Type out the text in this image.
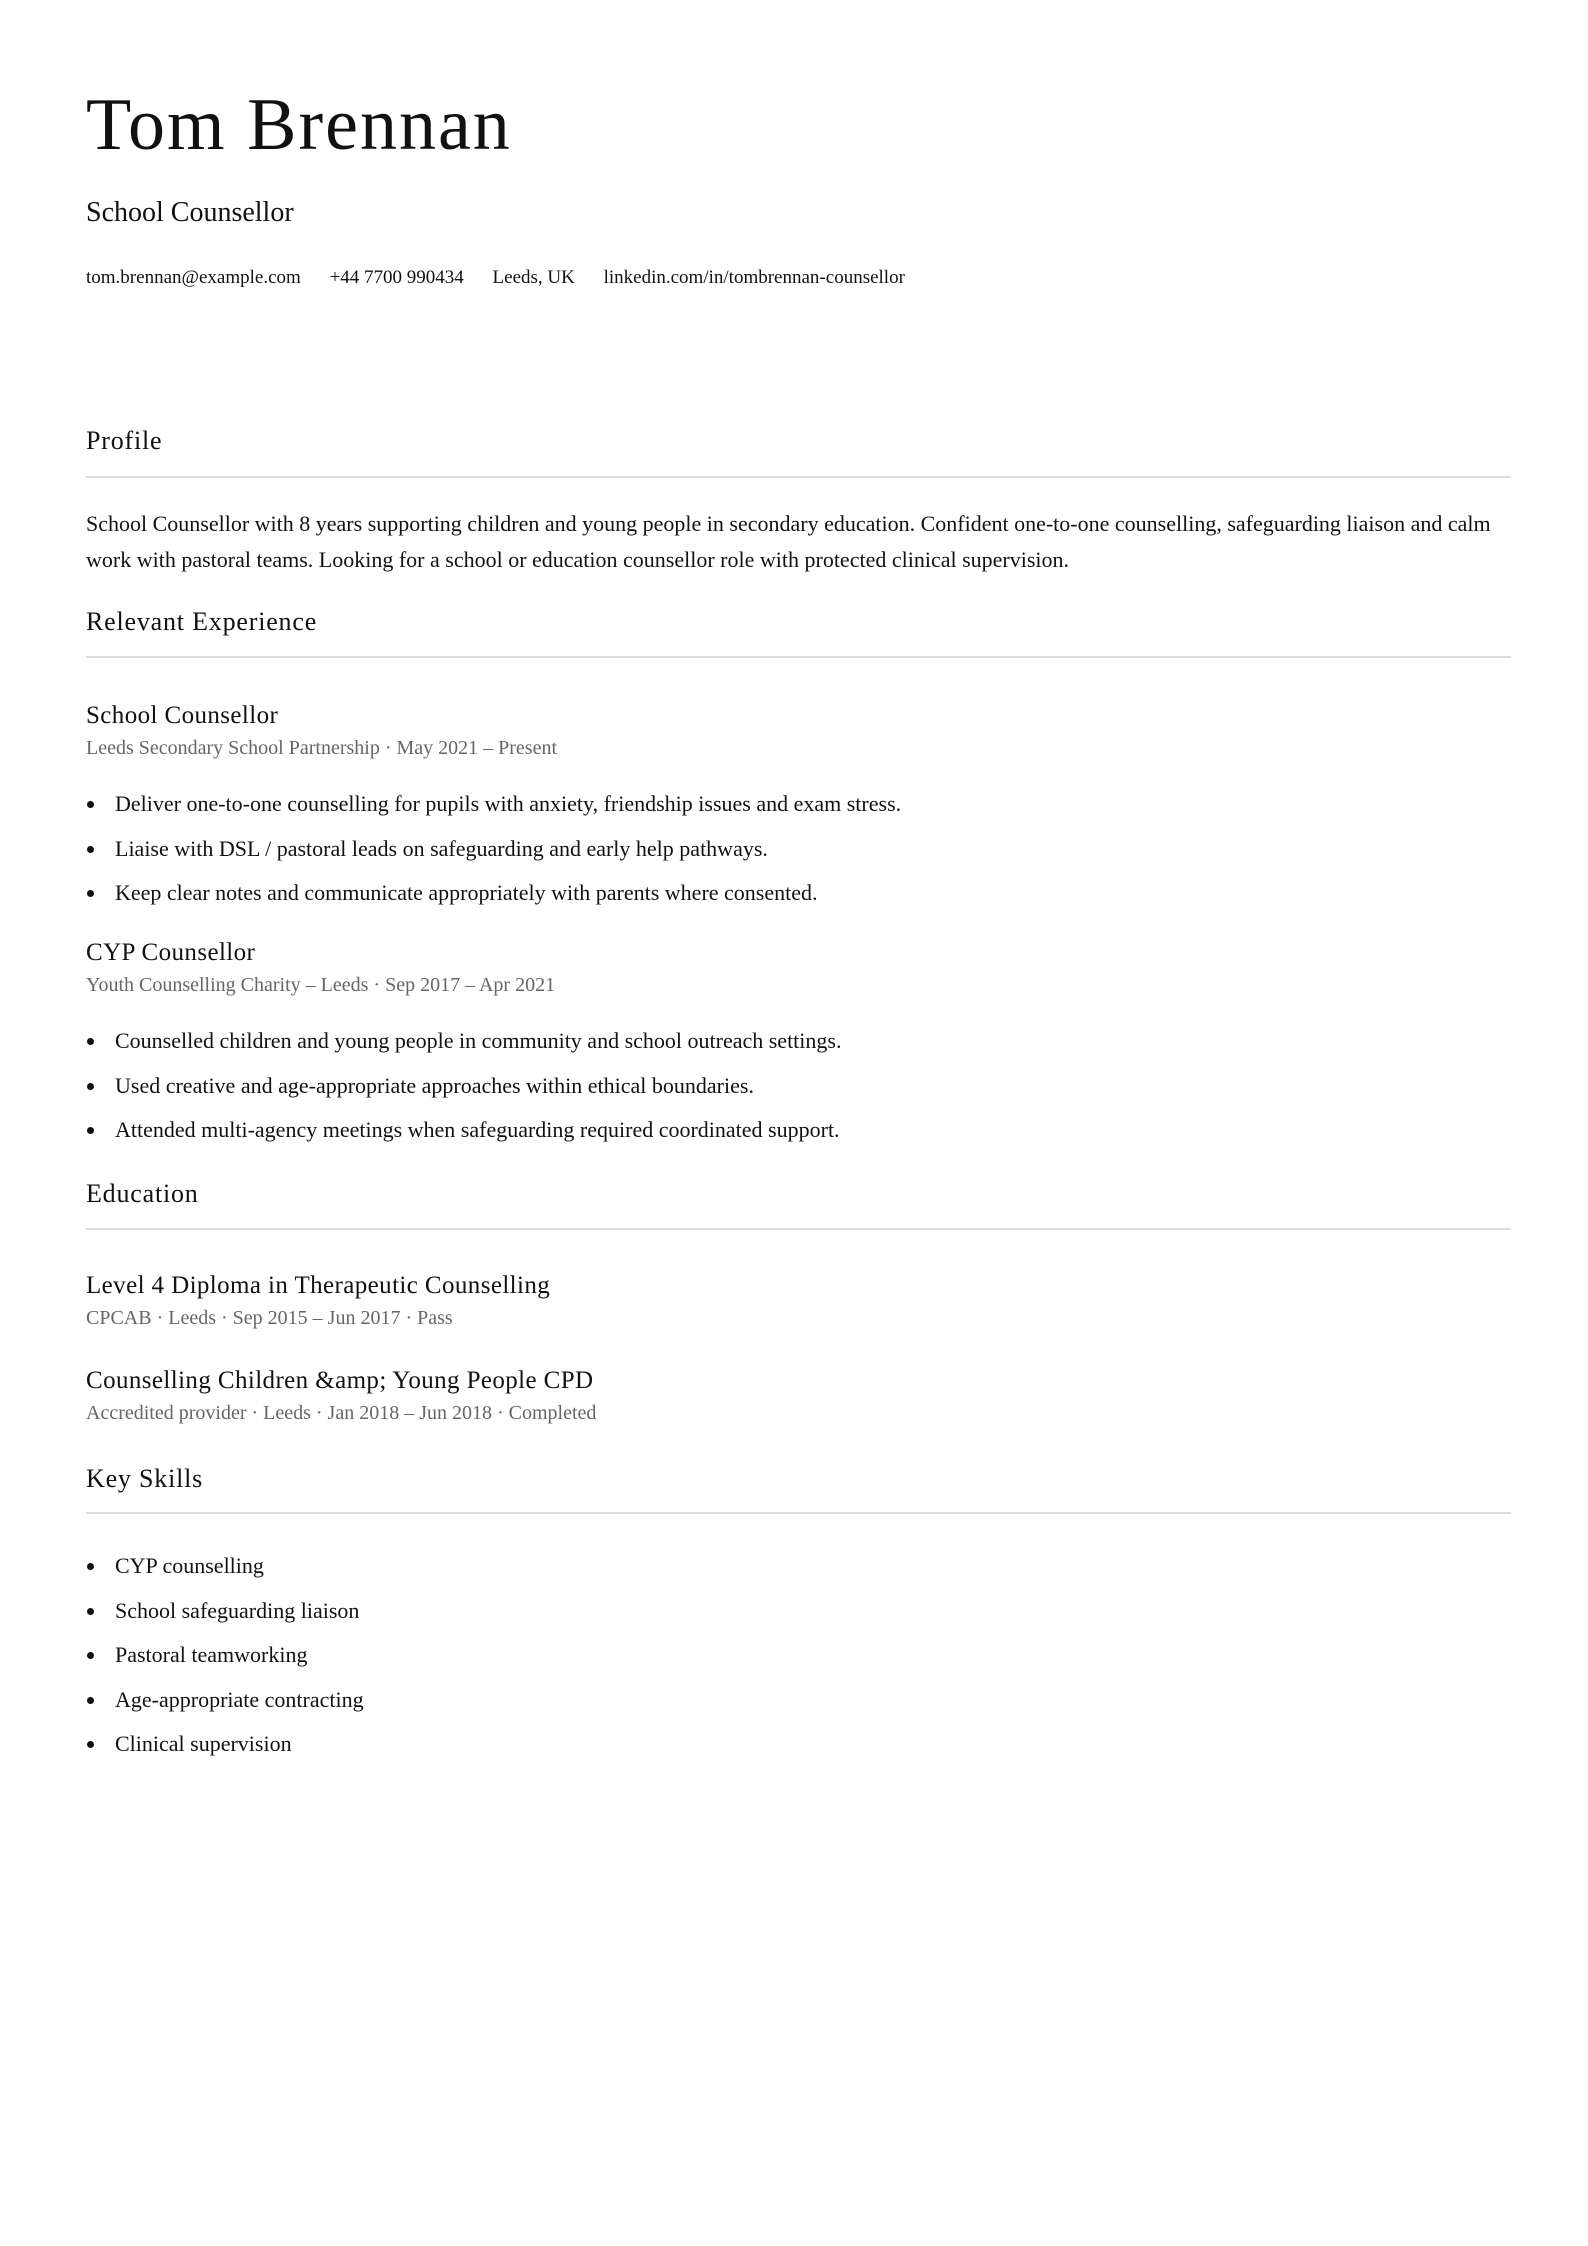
Tom Brennan
School Counsellor
tom.brennan@example.com +44 7700 990434 Leeds, UK linkedin.com/in/tombrennan-counsellor
Profile
School Counsellor with 8 years supporting children and young people in secondary education. Confident one-to-one counselling, safeguarding liaison and calm work with pastoral teams. Looking for a school or education counsellor role with protected clinical supervision.
Relevant Experience
School Counsellor
Leeds Secondary School Partnership · May 2021 – Present
Deliver one-to-one counselling for pupils with anxiety, friendship issues and exam stress.
Liaise with DSL / pastoral leads on safeguarding and early help pathways.
Keep clear notes and communicate appropriately with parents where consented.
CYP Counsellor
Youth Counselling Charity – Leeds · Sep 2017 – Apr 2021
Counselled children and young people in community and school outreach settings.
Used creative and age-appropriate approaches within ethical boundaries.
Attended multi-agency meetings when safeguarding required coordinated support.
Education
Level 4 Diploma in Therapeutic Counselling
CPCAB · Leeds · Sep 2015 – Jun 2017 · Pass
Counselling Children &amp; Young People CPD
Accredited provider · Leeds · Jan 2018 – Jun 2018 · Completed
Key Skills
CYP counselling
School safeguarding liaison
Pastoral teamworking
Age-appropriate contracting
Clinical supervision
